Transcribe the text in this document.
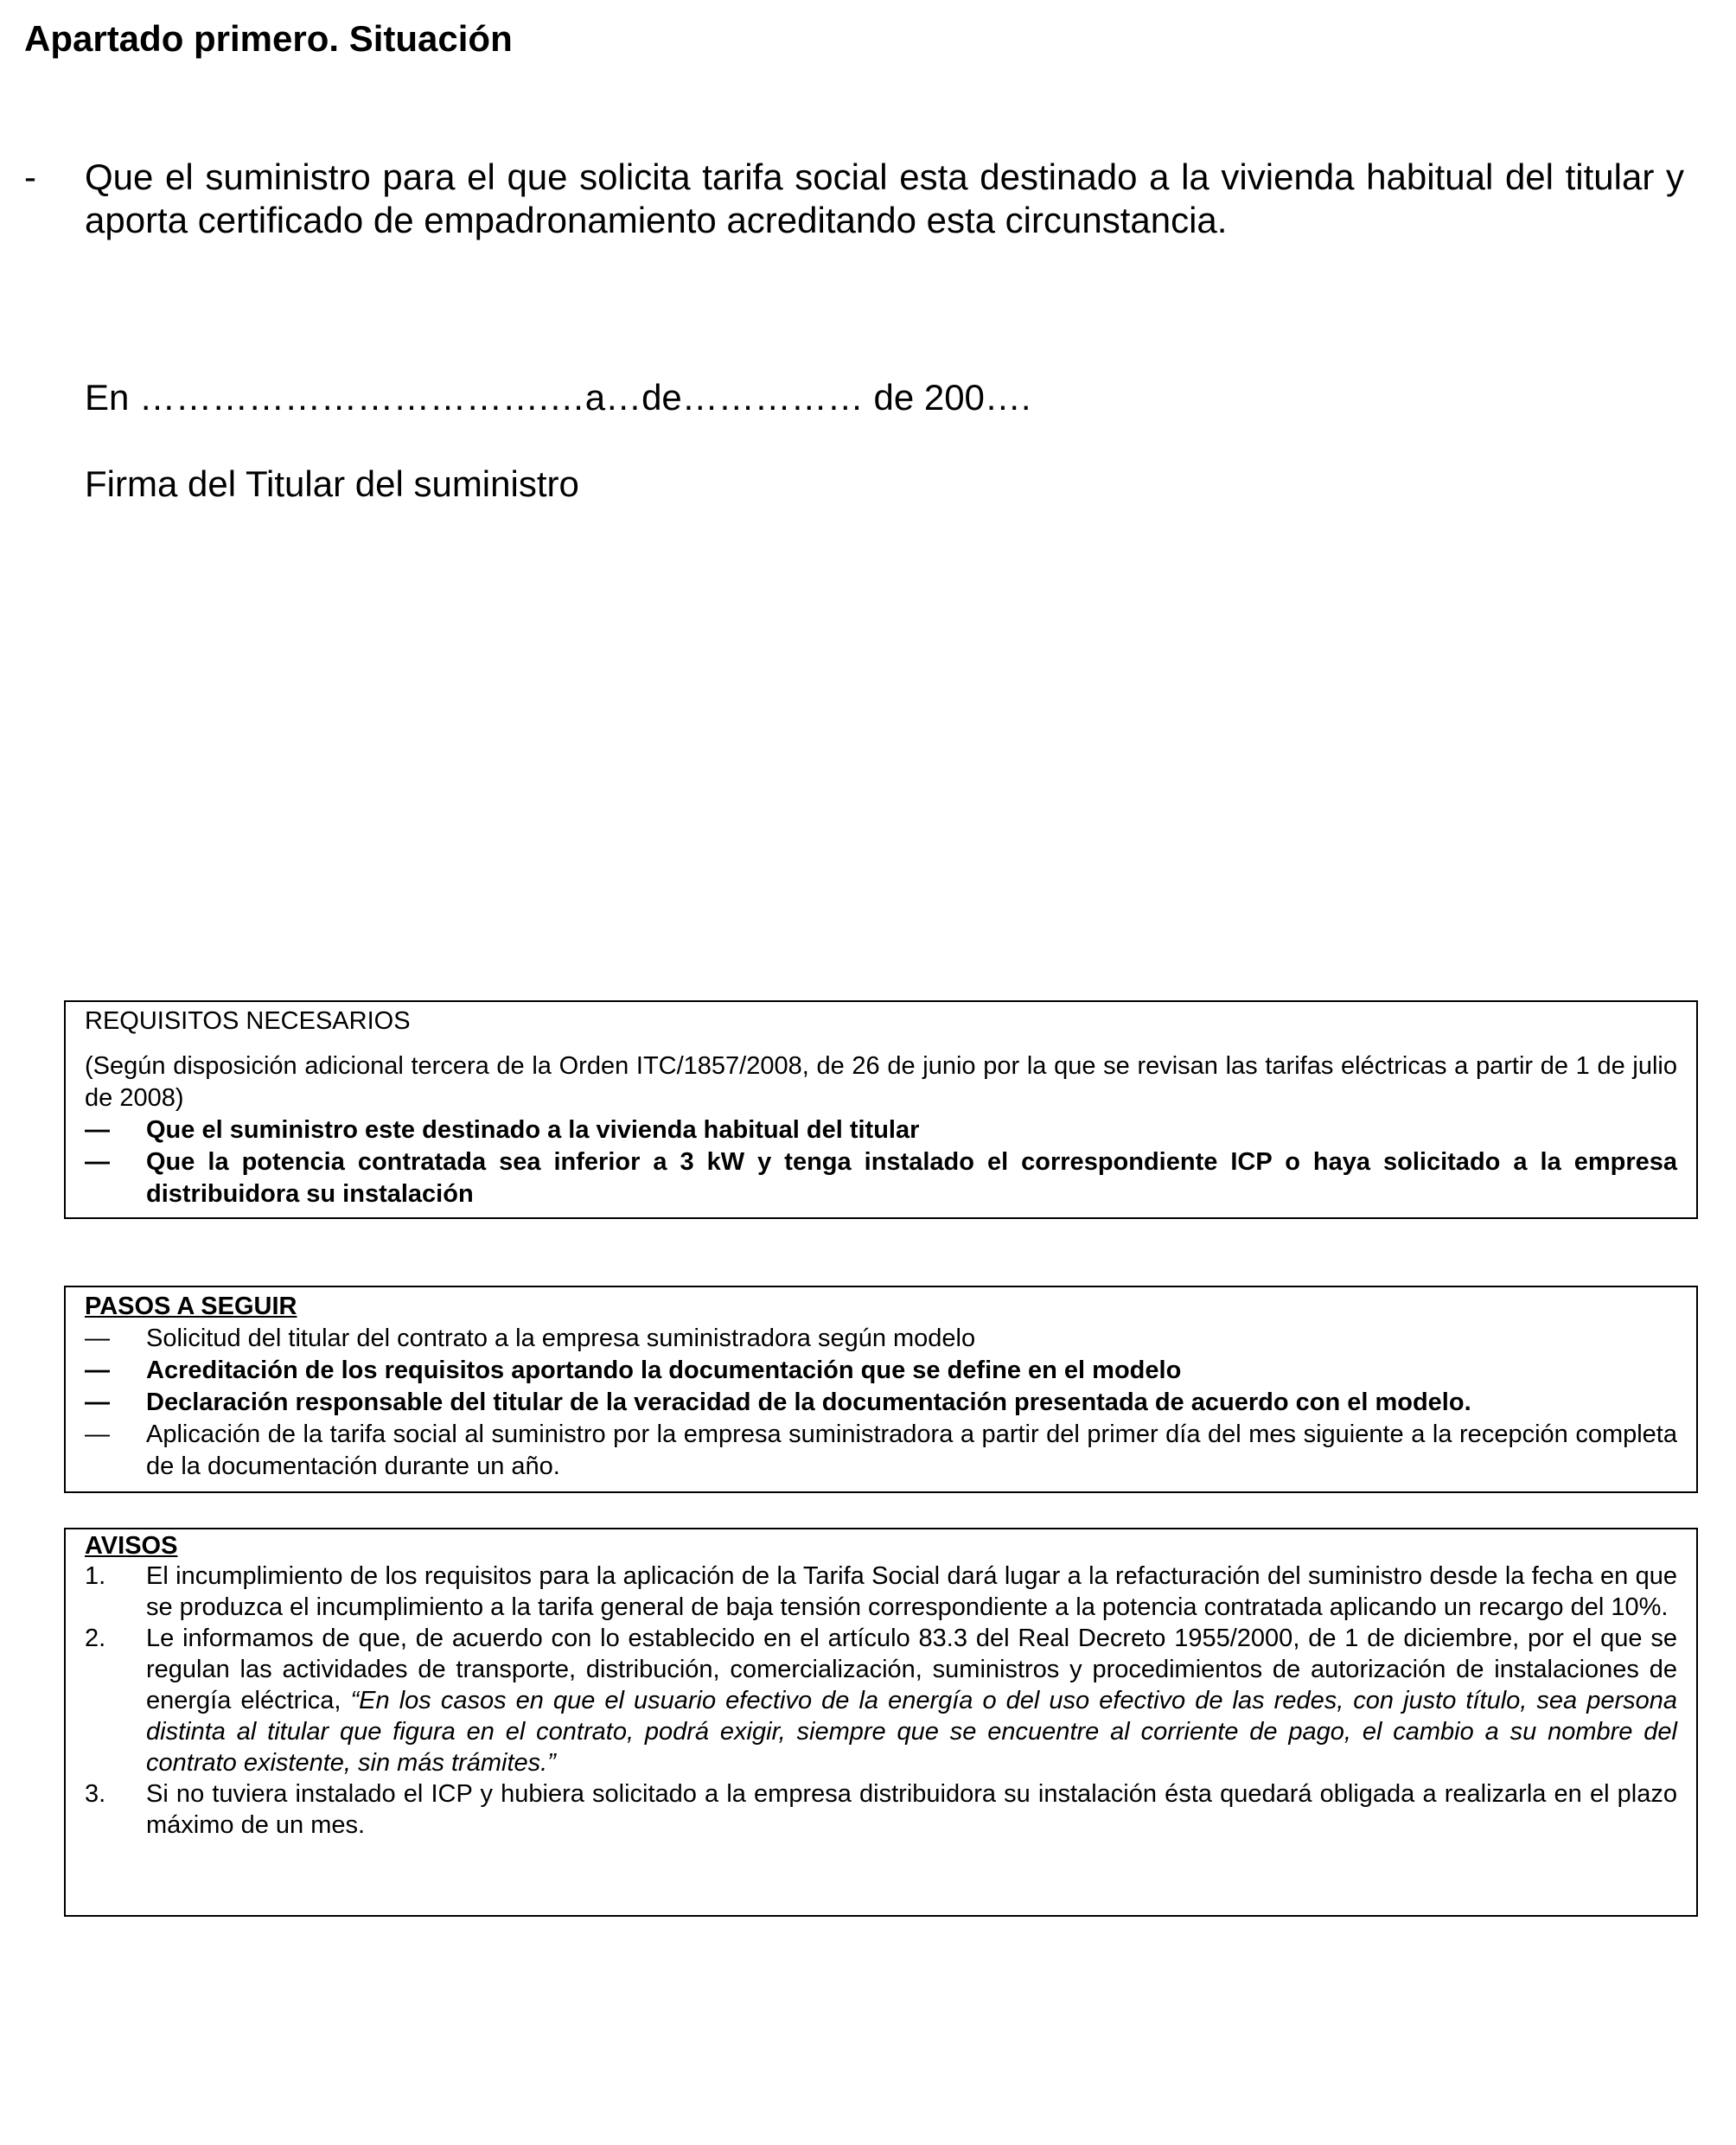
Apartado primero. Situación
-	Que el suministro para el que solicita tarifa social esta destinado a la vivienda habitual del titular y aporta certificado de empadronamiento acreditando esta circunstancia.
En …………………………….…a…de…………… de 200….
Firma del Titular del suministro
REQUISITOS NECESARIOS

(Según disposición adicional tercera de la Orden ITC/1857/2008, de 26 de junio por la que se revisan las tarifas eléctricas a partir de 1 de julio de 2008)

—	Que el suministro este destinado a la vivienda habitual del titular
—	Que la potencia contratada sea inferior a 3 kW y tenga instalado el correspondiente ICP o haya solicitado a la empresa distribuidora su instalación
PASOS A SEGUIR
—	Solicitud del titular del contrato a la empresa suministradora según modelo
—	Acreditación de los requisitos aportando la documentación que se define en el modelo
—	Declaración responsable del titular de la veracidad de la documentación presentada de acuerdo con el modelo.
—	Aplicación de la tarifa social al suministro por la empresa suministradora a partir del primer día del mes siguiente a la recepción completa de la documentación durante un año.
AVISOS
1. El incumplimiento de los requisitos para la aplicación de la Tarifa Social dará lugar a la refacturación del suministro desde la fecha en que se produzca el incumplimiento a la tarifa general de baja tensión correspondiente a la potencia contratada aplicando un recargo del 10%.
2. Le informamos de que, de acuerdo con lo establecido en el artículo 83.3 del Real Decreto 1955/2000, de 1 de diciembre, por el que se regulan las actividades de transporte, distribución, comercialización, suministros y procedimientos de autorización de instalaciones de energía eléctrica, “En los casos en que el usuario efectivo de la energía o del uso efectivo de las redes, con justo título, sea persona distinta al titular que figura en el contrato, podrá exigir, siempre que se encuentre al corriente de pago, el cambio a su nombre del contrato existente, sin más trámites.”
3. Si no tuviera instalado el ICP y hubiera solicitado a la empresa distribuidora su instalación ésta quedará obligada a realizarla en el plazo máximo de un mes.
